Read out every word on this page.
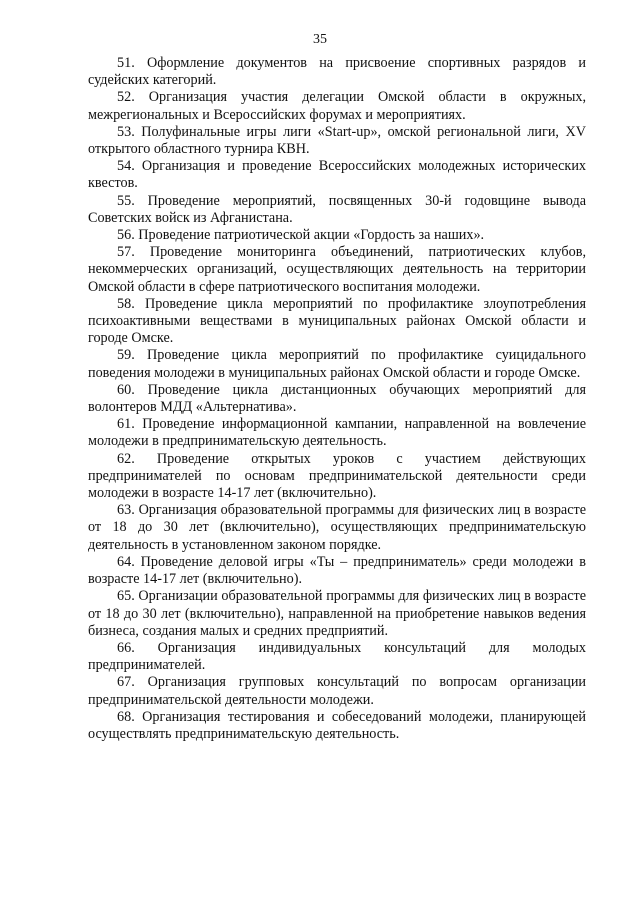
35

51. Оформление документов на присвоение спортивных разрядов и судейских категорий.

52. Организация участия делегации Омской области в окружных, межрегиональных и Всероссийских форумах и мероприятиях.

53. Полуфинальные игры лиги «Start-up», омской региональной лиги, XV открытого областного турнира КВН.

54. Организация и проведение Всероссийских молодежных исторических квестов.

55. Проведение мероприятий, посвященных 30-й годовщине вывода Советских войск из Афганистана.

56. Проведение патриотической акции «Гордость за наших».

57. Проведение мониторинга объединений, патриотических клубов, некоммерческих организаций, осуществляющих деятельность на территории Омской области в сфере патриотического воспитания молодежи.

58. Проведение цикла мероприятий по профилактике злоупотребления психоактивными веществами в муниципальных районах Омской области и городе Омске.

59. Проведение цикла мероприятий по профилактике суицидального поведения молодежи в муниципальных районах Омской области и городе Омске.

60. Проведение цикла дистанционных обучающих мероприятий для волонтеров МДД «Альтернатива».

61. Проведение информационной кампании, направленной на вовлечение молодежи в предпринимательскую деятельность.

62. Проведение открытых уроков с участием действующих предпринимателей по основам предпринимательской деятельности среди молодежи в возрасте 14-17 лет (включительно).

63. Организация образовательной программы для физических лиц в возрасте от 18 до 30 лет (включительно), осуществляющих предпринимательскую деятельность в установленном законом порядке.

64. Проведение деловой игры «Ты – предприниматель» среди молодежи в возрасте 14-17 лет (включительно).

65. Организации образовательной программы для физических лиц в возрасте от 18 до 30 лет (включительно), направленной на приобретение навыков ведения бизнеса, создания малых и средних предприятий.

66. Организация индивидуальных консультаций для молодых предпринимателей.

67. Организация групповых консультаций по вопросам организации предпринимательской деятельности молодежи.

68. Организация тестирования и собеседований молодежи, планирующей осуществлять предпринимательскую деятельность.
